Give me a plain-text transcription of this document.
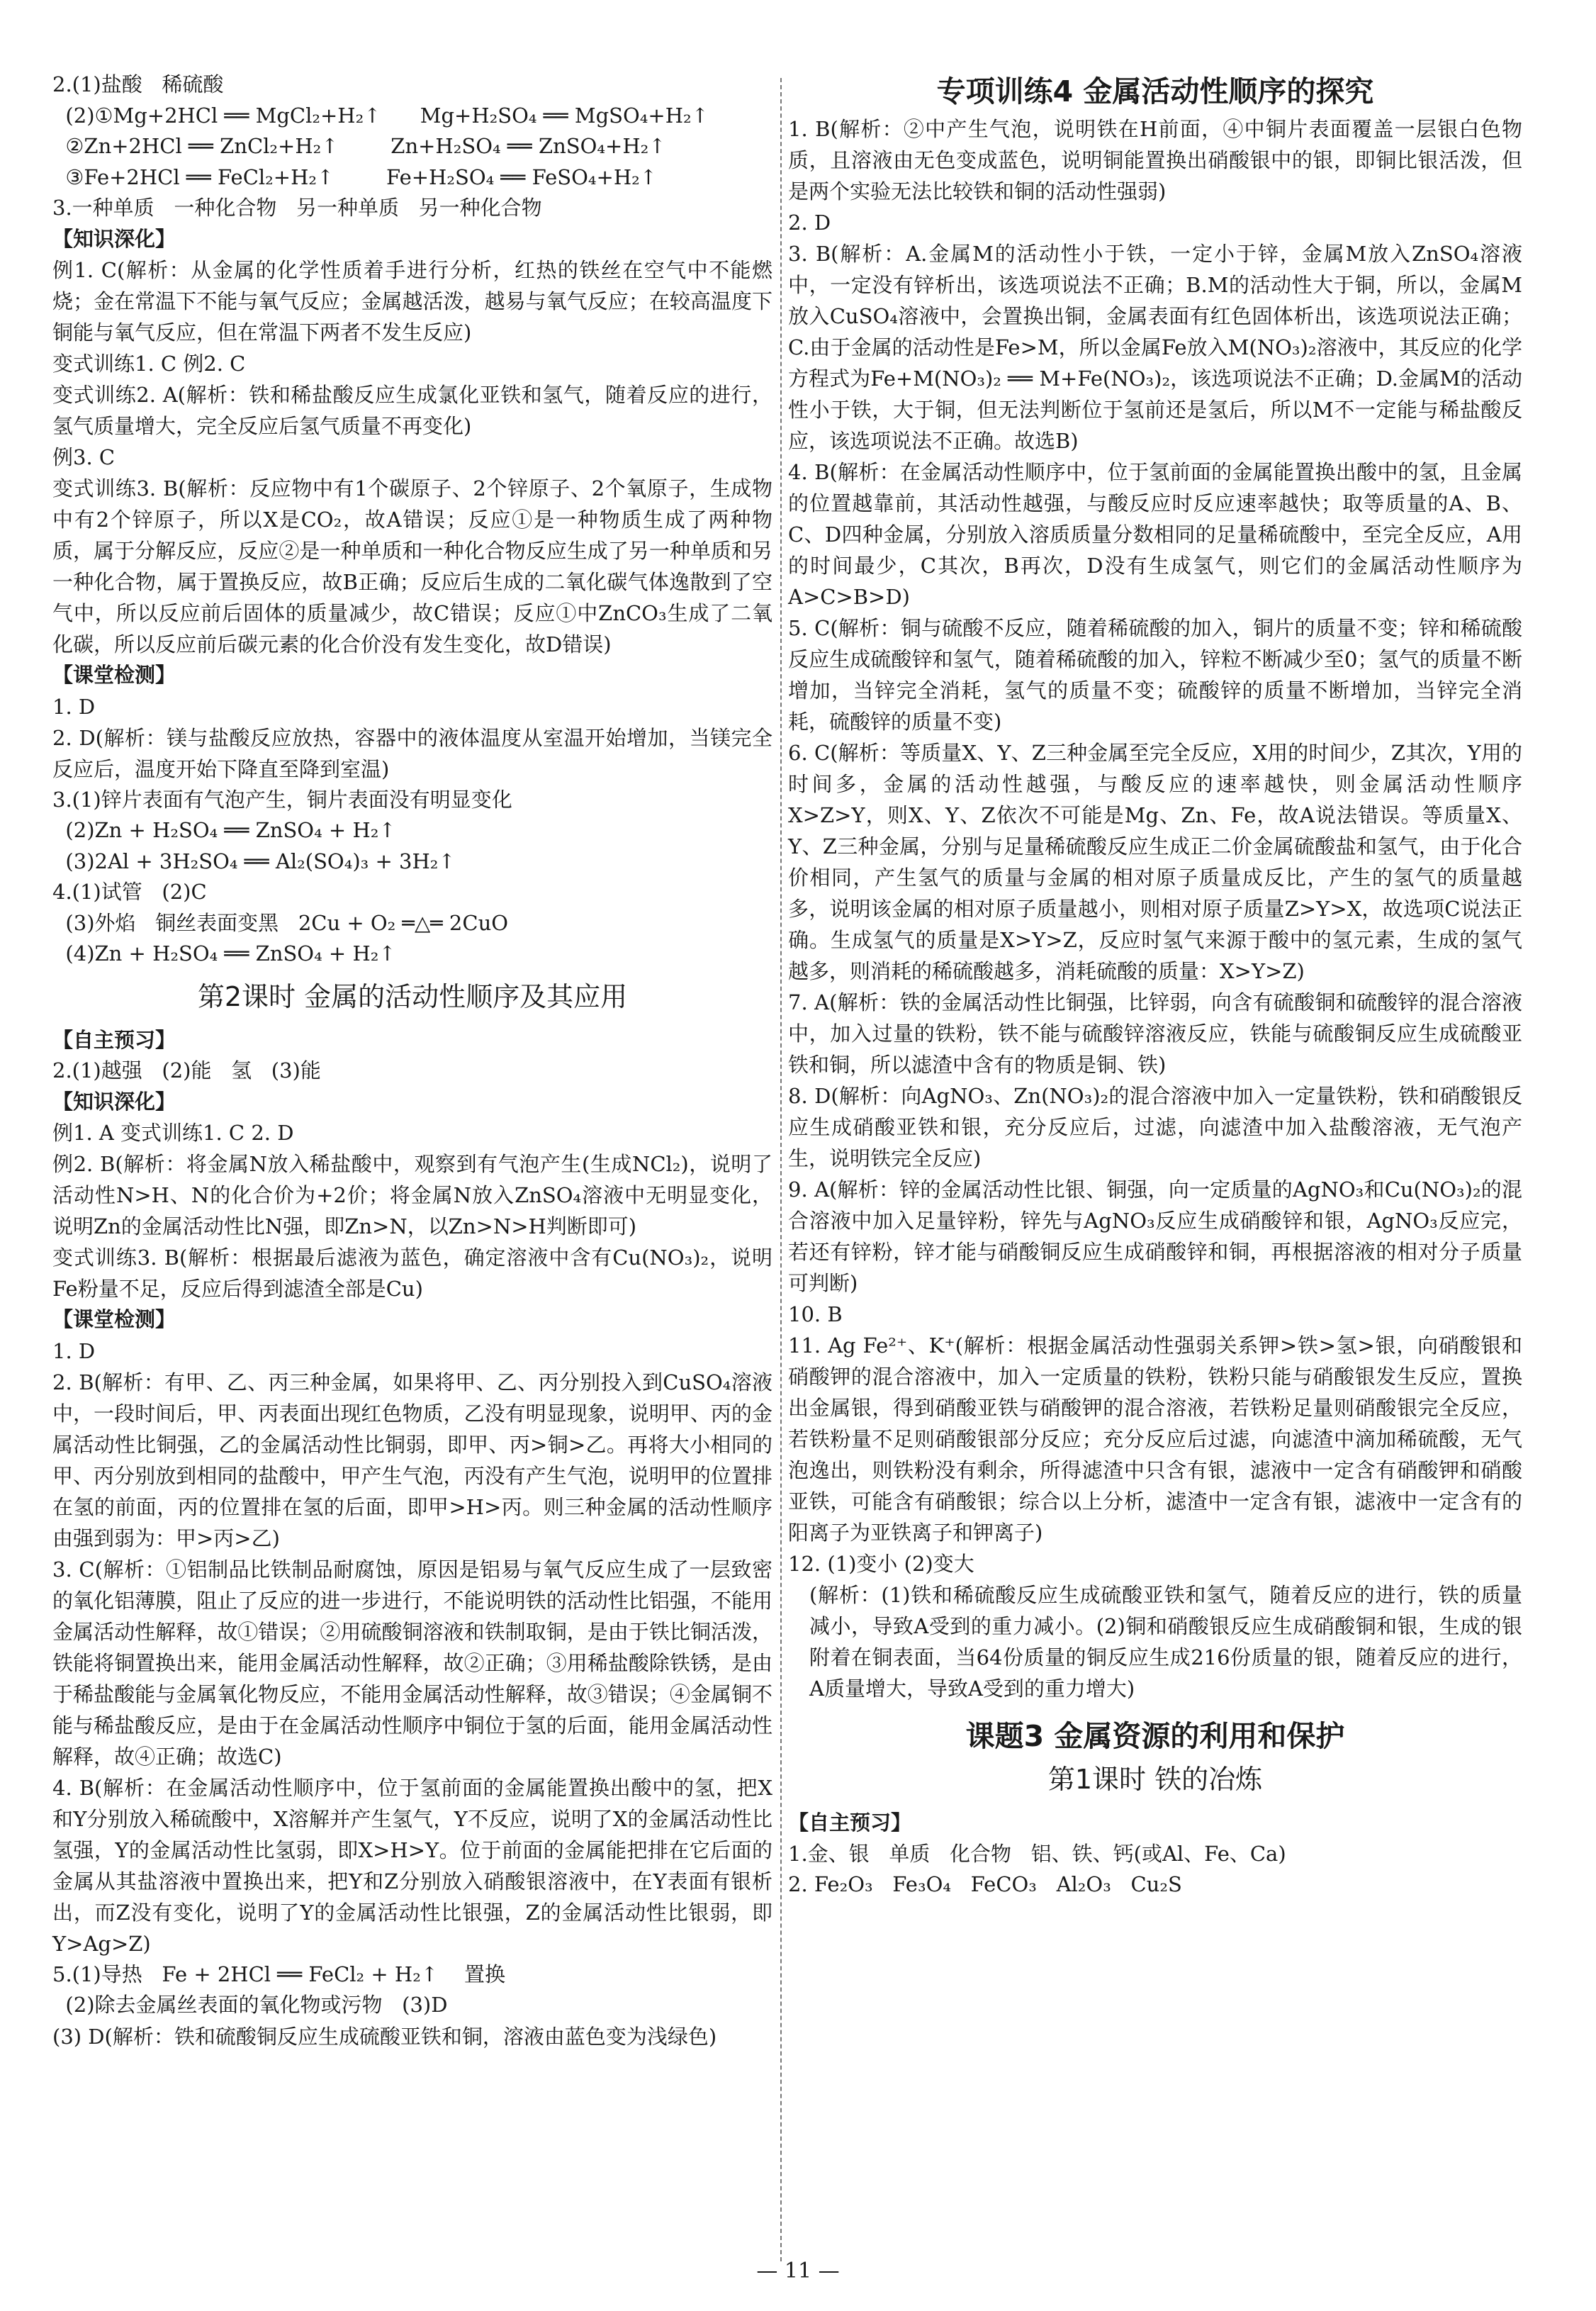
2.(1)盐酸   稀硫酸
(2)①Mg+2HCl ══ MgCl₂+H₂↑      Mg+H₂SO₄ ══ MgSO₄+H₂↑
②Zn+2HCl ══ ZnCl₂+H₂↑        Zn+H₂SO₄ ══ ZnSO₄+H₂↑
③Fe+2HCl ══ FeCl₂+H₂↑        Fe+H₂SO₄ ══ FeSO₄+H₂↑
3.一种单质   一种化合物   另一种单质   另一种化合物
【知识深化】
例1. C(解析：从金属的化学性质着手进行分析，红热的铁丝在空气中不能燃烧；金在常温下不能与氧气反应；金属越活泼，越易与氧气反应；在较高温度下铜能与氧气反应，但在常温下两者不发生反应)
变式训练1. C 例2. C
变式训练2. A(解析：铁和稀盐酸反应生成氯化亚铁和氢气，随着反应的进行，氢气质量增大，完全反应后氢气质量不再变化)
例3. C
变式训练3. B(解析：反应物中有1个碳原子、2个锌原子、2个氧原子，生成物中有2个锌原子，所以X是CO₂，故A错误；反应①是一种物质生成了两种物质，属于分解反应，反应②是一种单质和一种化合物反应生成了另一种单质和另一种化合物，属于置换反应，故B正确；反应后生成的二氧化碳气体逸散到了空气中，所以反应前后固体的质量减少，故C错误；反应①中ZnCO₃生成了二氧化碳，所以反应前后碳元素的化合价没有发生变化，故D错误)
【课堂检测】
1. D
2. D(解析：镁与盐酸反应放热，容器中的液体温度从室温开始增加，当镁完全反应后，温度开始下降直至降到室温)
3.(1)锌片表面有气泡产生，铜片表面没有明显变化
(2)Zn + H₂SO₄ ══ ZnSO₄ + H₂↑
(3)2Al + 3H₂SO₄ ══ Al₂(SO₄)₃ + 3H₂↑
4.(1)试管   (2)C
(3)外焰   铜丝表面变黑   2Cu + O₂ ═△═ 2CuO
(4)Zn + H₂SO₄ ══ ZnSO₄ + H₂↑
第2课时 金属的活动性顺序及其应用
【自主预习】
2.(1)越强   (2)能   氢   (3)能
【知识深化】
例1. A 变式训练1. C 2. D
例2. B(解析：将金属N放入稀盐酸中，观察到有气泡产生(生成NCl₂)，说明了活动性N>H、N的化合价为+2价；将金属N放入ZnSO₄溶液中无明显变化，说明Zn的金属活动性比N强，即Zn>N，以Zn>N>H判断即可)
变式训练3. B(解析：根据最后滤液为蓝色，确定溶液中含有Cu(NO₃)₂，说明Fe粉量不足，反应后得到滤渣全部是Cu)
【课堂检测】
1. D
2. B(解析：有甲、乙、丙三种金属，如果将甲、乙、丙分别投入到CuSO₄溶液中，一段时间后，甲、丙表面出现红色物质，乙没有明显现象，说明甲、丙的金属活动性比铜强，乙的金属活动性比铜弱，即甲、丙>铜>乙。再将大小相同的甲、丙分别放到相同的盐酸中，甲产生气泡，丙没有产生气泡，说明甲的位置排在氢的前面，丙的位置排在氢的后面，即甲>H>丙。则三种金属的活动性顺序由强到弱为：甲>丙>乙)
3. C(解析：①铝制品比铁制品耐腐蚀，原因是铝易与氧气反应生成了一层致密的氧化铝薄膜，阻止了反应的进一步进行，不能说明铁的活动性比铝强，不能用金属活动性解释，故①错误；②用硫酸铜溶液和铁制取铜，是由于铁比铜活泼，铁能将铜置换出来，能用金属活动性解释，故②正确；③用稀盐酸除铁锈，是由于稀盐酸能与金属氧化物反应，不能用金属活动性解释，故③错误；④金属铜不能与稀盐酸反应，是由于在金属活动性顺序中铜位于氢的后面，能用金属活动性解释，故④正确；故选C)
4. B(解析：在金属活动性顺序中，位于氢前面的金属能置换出酸中的氢，把X和Y分别放入稀硫酸中，X溶解并产生氢气，Y不反应，说明了X的金属活动性比氢强，Y的金属活动性比氢弱，即X>H>Y。位于前面的金属能把排在它后面的金属从其盐溶液中置换出来，把Y和Z分别放入硝酸银溶液中，在Y表面有银析出，而Z没有变化，说明了Y的金属活动性比银强，Z的金属活动性比银弱，即Y>Ag>Z)
5.(1)导热   Fe + 2HCl ══ FeCl₂ + H₂↑    置换
(2)除去金属丝表面的氧化物或污物   (3)D
(3) D(解析：铁和硫酸铜反应生成硫酸亚铁和铜，溶液由蓝色变为浅绿色)
专项训练4 金属活动性顺序的探究
1. B(解析：②中产生气泡，说明铁在H前面，④中铜片表面覆盖一层银白色物质，且溶液由无色变成蓝色，说明铜能置换出硝酸银中的银，即铜比银活泼，但是两个实验无法比较铁和铜的活动性强弱)
2. D
3. B(解析：A.金属M的活动性小于铁，一定小于锌，金属M放入ZnSO₄溶液中，一定没有锌析出，该选项说法不正确；B.M的活动性大于铜，所以，金属M放入CuSO₄溶液中，会置换出铜，金属表面有红色固体析出，该选项说法正确；C.由于金属的活动性是Fe>M，所以金属Fe放入M(NO₃)₂溶液中，其反应的化学方程式为Fe+M(NO₃)₂ ══ M+Fe(NO₃)₂，该选项说法不正确；D.金属M的活动性小于铁，大于铜，但无法判断位于氢前还是氢后，所以M不一定能与稀盐酸反应，该选项说法不正确。故选B)
4. B(解析：在金属活动性顺序中，位于氢前面的金属能置换出酸中的氢，且金属的位置越靠前，其活动性越强，与酸反应时反应速率越快；取等质量的A、B、C、D四种金属，分别放入溶质质量分数相同的足量稀硫酸中，至完全反应，A用的时间最少，C其次，B再次，D没有生成氢气，则它们的金属活动性顺序为A>C>B>D)
5. C(解析：铜与硫酸不反应，随着稀硫酸的加入，铜片的质量不变；锌和稀硫酸反应生成硫酸锌和氢气，随着稀硫酸的加入，锌粒不断减少至0；氢气的质量不断增加，当锌完全消耗，氢气的质量不变；硫酸锌的质量不断增加，当锌完全消耗，硫酸锌的质量不变)
6. C(解析：等质量X、Y、Z三种金属至完全反应，X用的时间少，Z其次，Y用的时间多，金属的活动性越强，与酸反应的速率越快，则金属活动性顺序X>Z>Y，则X、Y、Z依次不可能是Mg、Zn、Fe，故A说法错误。等质量X、Y、Z三种金属，分别与足量稀硫酸反应生成正二价金属硫酸盐和氢气，由于化合价相同，产生氢气的质量与金属的相对原子质量成反比，产生的氢气的质量越多，说明该金属的相对原子质量越小，则相对原子质量Z>Y>X，故选项C说法正确。生成氢气的质量是X>Y>Z，反应时氢气来源于酸中的氢元素，生成的氢气越多，则消耗的稀硫酸越多，消耗硫酸的质量：X>Y>Z)
7. A(解析：铁的金属活动性比铜强，比锌弱，向含有硫酸铜和硫酸锌的混合溶液中，加入过量的铁粉，铁不能与硫酸锌溶液反应，铁能与硫酸铜反应生成硫酸亚铁和铜，所以滤渣中含有的物质是铜、铁)
8. D(解析：向AgNO₃、Zn(NO₃)₂的混合溶液中加入一定量铁粉，铁和硝酸银反应生成硝酸亚铁和银，充分反应后，过滤，向滤渣中加入盐酸溶液，无气泡产生，说明铁完全反应)
9. A(解析：锌的金属活动性比银、铜强，向一定质量的AgNO₃和Cu(NO₃)₂的混合溶液中加入足量锌粉，锌先与AgNO₃反应生成硝酸锌和银，AgNO₃反应完，若还有锌粉，锌才能与硝酸铜反应生成硝酸锌和铜，再根据溶液的相对分子质量可判断)
10. B
11. Ag Fe²⁺、K⁺(解析：根据金属活动性强弱关系钾>铁>氢>银，向硝酸银和硝酸钾的混合溶液中，加入一定质量的铁粉，铁粉只能与硝酸银发生反应，置换出金属银，得到硝酸亚铁与硝酸钾的混合溶液，若铁粉足量则硝酸银完全反应，若铁粉量不足则硝酸银部分反应；充分反应后过滤，向滤渣中滴加稀硫酸，无气泡逸出，则铁粉没有剩余，所得滤渣中只含有银，滤液中一定含有硝酸钾和硝酸亚铁，可能含有硝酸银；综合以上分析，滤渣中一定含有银，滤液中一定含有的阳离子为亚铁离子和钾离子)
12. (1)变小 (2)变大
(解析：(1)铁和稀硫酸反应生成硫酸亚铁和氢气，随着反应的进行，铁的质量减小，导致A受到的重力减小。(2)铜和硝酸银反应生成硝酸铜和银，生成的银附着在铜表面，当64份质量的铜反应生成216份质量的银，随着反应的进行，A质量增大，导致A受到的重力增大)
课题3 金属资源的利用和保护
第1课时 铁的冶炼
【自主预习】
1.金、银   单质   化合物   铝、铁、钙(或Al、Fe、Ca)
2. Fe₂O₃   Fe₃O₄   FeCO₃   Al₂O₃   Cu₂S
— 11 —
